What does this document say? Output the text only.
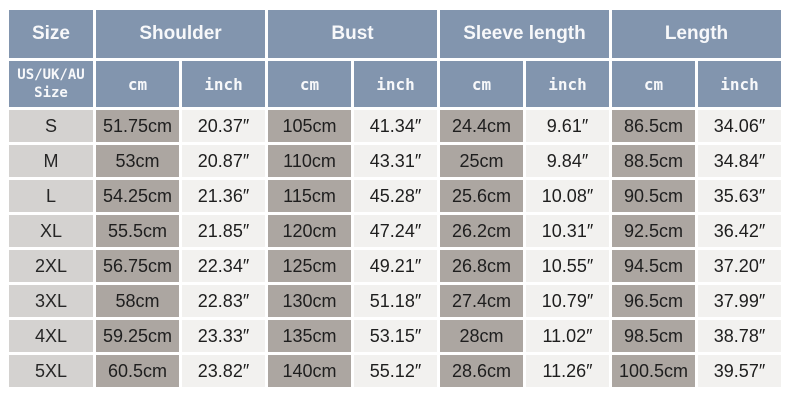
Size	Shoulder		Bust		Sleeve length		Length	

US/UK/AU
Size	cm	inch	cm	inch	cm	inch	cm	inch
S	51.75cm	20.37″	105cm	41.34″	24.4cm	9.61″	86.5cm	34.06″
M	53cm	20.87″	110cm	43.31″	25cm	9.84″	88.5cm	34.84″
L	54.25cm	21.36″	115cm	45.28″	25.6cm	10.08″	90.5cm	35.63″
XL	55.5cm	21.85″	120cm	47.24″	26.2cm	10.31″	92.5cm	36.42″
2XL	56.75cm	22.34″	125cm	49.21″	26.8cm	10.55″	94.5cm	37.20″
3XL	58cm	22.83″	130cm	51.18″	27.4cm	10.79″	96.5cm	37.99″
4XL	59.25cm	23.33″	135cm	53.15″	28cm	11.02″	98.5cm	38.78″
5XL	60.5cm	23.82″	140cm	55.12″	28.6cm	11.26″	100.5cm	39.57″
